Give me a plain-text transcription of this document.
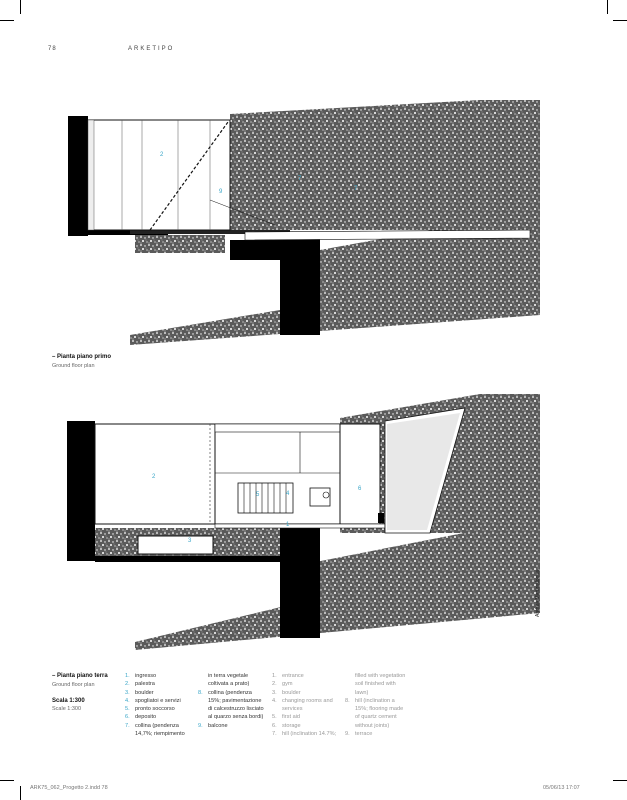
78	ARKETIPO
2
9
7
7
– Pianta piano primo
Ground floor plan
2
3
5	4
6
1
Andrea Martiradonna
– Pianta piano terra
Ground floor plan
Scala 1:300
Scale 1:300
1. ingresso
2. palestra
3. boulder
4. spogliatoi e servizi
5. pronto soccorso
6. deposito
7. collina (pendenza
14,7%; riempimento
in terra vegetale
coltivata a prato)
8. collina (pendenza
15%; pavimentazione
di calcestruzzo lisciato
al quarzo senza bordi)
9. balcone
1. entrance
2. gym
3. boulder
4. changing rooms and
services
5. first aid
6. storage
7. hill (inclination 14.7%;
filled with vegetation
soil finished with
lawn)
8. hill (inclination a
15%; flooring made
of quartz cement
without joints)
9. terrace
ARK75_062_Progetto 2.indd 78	05/06/13 17:07
